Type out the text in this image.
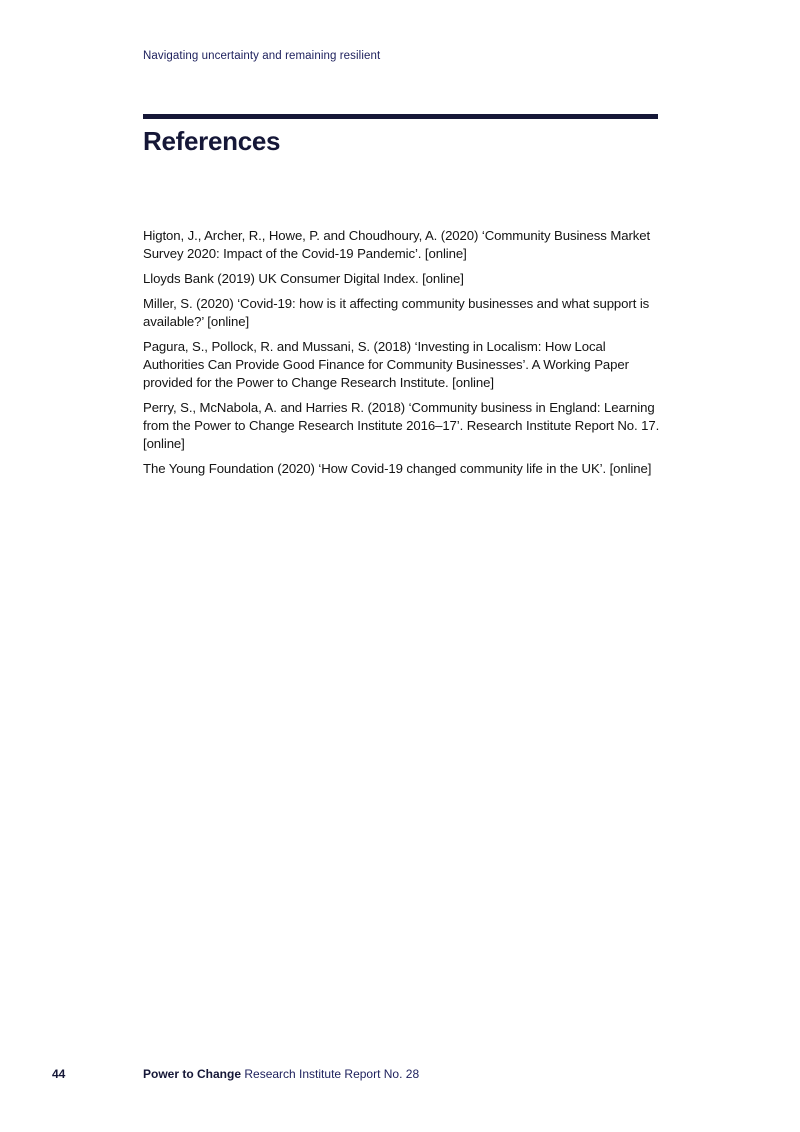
Navigating uncertainty and remaining resilient
References
Higton, J., Archer, R., Howe, P. and Choudhoury, A. (2020) ‘Community Business Market Survey 2020: Impact of the Covid-19 Pandemic’. [online]
Lloyds Bank (2019) UK Consumer Digital Index. [online]
Miller, S. (2020) ‘Covid-19: how is it affecting community businesses and what support is available?’ [online]
Pagura, S., Pollock, R. and Mussani, S. (2018) ‘Investing in Localism: How Local Authorities Can Provide Good Finance for Community Businesses’. A Working Paper provided for the Power to Change Research Institute. [online]
Perry, S., McNabola, A. and Harries R. (2018) ‘Community business in England: Learning from the Power to Change Research Institute 2016–17’. Research Institute Report No. 17. [online]
The Young Foundation (2020) ‘How Covid-19 changed community life in the UK’. [online]
44	Power to Change Research Institute Report No. 28
